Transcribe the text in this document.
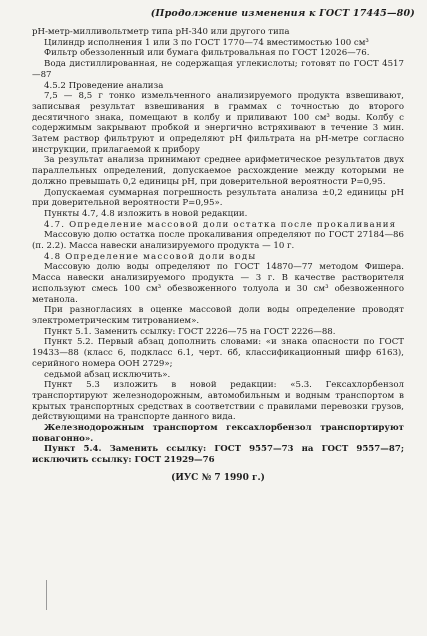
(Продолжение изменения к ГОСТ 17445—80)

pH-метр-милливольтметр типа pH-340 или другого типа

Цилиндр исполнения 1 или 3 по ГОСТ 1770—74 вместимостью 100 см³

Фильтр обеззоленный или бумага фильтровальная по ГОСТ 12026—76.

Вода дистиллированная, не содержащая углекислоты; готовят по ГОСТ 4517—87

4.5.2 Проведение анализа

7,5 — 8,5 г тонко измельченного анализируемого продукта взвешивают, записывая результат взвешивания в граммах с точностью до второго десятичного знака, помещают в колбу и приливают 100 см³ воды. Колбу с содержимым закрывают пробкой и энергично встряхивают в течение 3 мин. Затем раствор фильтруют и определяют pH фильтрата на pH-метре согласно инструкции, прилагаемой к прибору

За результат анализа принимают среднее арифметическое результатов двух параллельных определений, допускаемое расхождение между которыми не должно превышать 0,2 единицы pH, при доверительной вероятности P=0,95.

Допускаемая суммарная погрешность результата анализа ±0,2 единицы pH при доверительной вероятности P=0,95».

Пункты 4.7, 4.8 изложить в новой редакции.

4.7. Определение массовой доли остатка после прокаливания

Массовую долю остатка после прокаливания определяют по ГОСТ 27184—86 (п. 2.2). Масса навески анализируемого продукта — 10 г.

4.8 Определение массовой доли воды

Массовую долю воды определяют по ГОСТ 14870—77 методом Фишера. Масса навески анализируемого продукта — 3 г. В качестве растворителя используют смесь 100 см³ обезвоженного толуола и 30 см³ обезвоженного метанола.

При разногласиях в оценке массовой доли воды определение проводят электрометрическим титрованием».

Пункт 5.1. Заменить ссылку: ГОСТ 2226—75 на ГОСТ 2226—88.

Пункт 5.2. Первый абзац дополнить словами: «и знака опасности по ГОСТ 19433—88 (класс 6, подкласс 6.1, черт. 6б, классификационный шифр 6163), серийного номера ООН 2729»;

седьмой абзац исключить».

Пункт 5.3 изложить в новой редакции: «5.3. Гексахлорбензол транспортируют железнодорожным, автомобильным и водным транспортом в крытых транспортных средствах в соответствии с правилами перевозки грузов, действующими на транспорте данного вида.

Железнодорожным транспортом гексахлорбензол транспортируют повагонно».

Пункт 5.4. Заменить ссылку: ГОСТ 9557—73 на ГОСТ 9557—87; исключить ссылку: ГОСТ 21929—76

(ИУС № 7 1990 г.)
